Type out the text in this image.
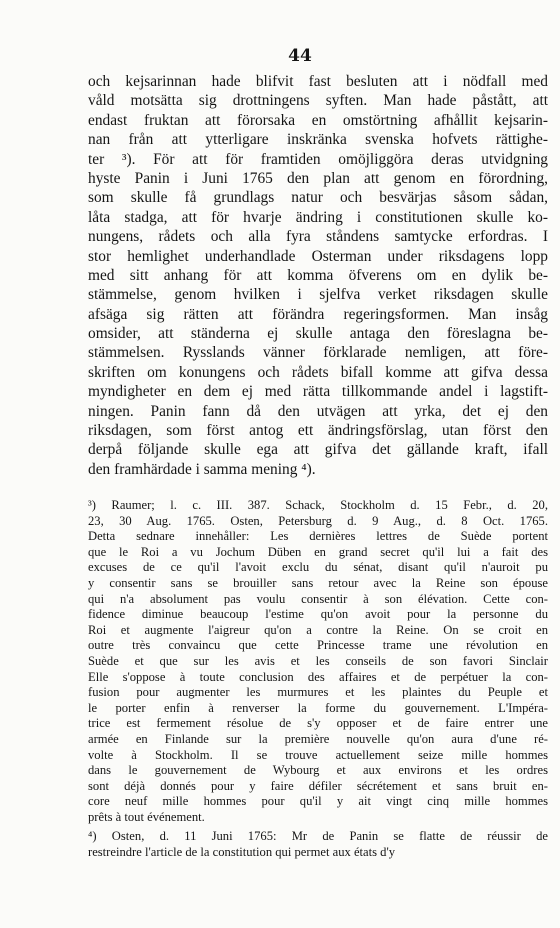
44
och kejsarinnan hade blifvit fast besluten att i nödfall med
våld motsätta sig drottningens syften. Man hade påstått, att
endast fruktan att förorsaka en omstörtning afhållit kejsarin-
nan från att ytterligare inskränka svenska hofvets rättighe-
ter ³). För att för framtiden omöjliggöra deras utvidgning
hyste Panin i Juni 1765 den plan att genom en förordning,
som skulle få grundlags natur och besvärjas såsom sådan,
låta stadga, att för hvarje ändring i constitutionen skulle ko-
nungens, rådets och alla fyra ståndens samtycke erfordras. I
stor hemlighet underhandlade Osterman under riksdagens lopp
med sitt anhang för att komma öfverens om en dylik be-
stämmelse, genom hvilken i sjelfva verket riksdagen skulle
afsäga sig rätten att förändra regeringsformen. Man insåg
omsider, att ständerna ej skulle antaga den föreslagna be-
stämmelsen. Rysslands vänner förklarade nemligen, att före-
skriften om konungens och rådets bifall komme att gifva dessa
myndigheter en dem ej med rätta tillkommande andel i lagstift-
ningen. Panin fann då den utvägen att yrka, det ej den
riksdagen, som först antog ett ändringsförslag, utan först den
derpå följande skulle ega att gifva det gällande kraft, ifall
den framhärdade i samma mening ⁴).
³) Raumer; l. c. III. 387. Schack, Stockholm d. 15 Febr., d. 20,
23, 30 Aug. 1765. Osten, Petersburg d. 9 Aug., d. 8 Oct. 1765.
Detta sednare innehåller: Les dernières lettres de Suède portent
que le Roi a vu Jochum Düben en grand secret qu'il lui a fait des
excuses de ce qu'il l'avoit exclu du sénat, disant qu'il n'auroit pu
y consentir sans se brouiller sans retour avec la Reine son épouse
qui n'a absolument pas voulu consentir à son élévation. Cette con-
fidence diminue beaucoup l'estime qu'on avoit pour la personne du
Roi et augmente l'aigreur qu'on a contre la Reine. On se croit en
outre très convaincu que cette Princesse trame une révolution en
Suède et que sur les avis et les conseils de son favori Sinclair
Elle s'oppose à toute conclusion des affaires et de perpétuer la con-
fusion pour augmenter les murmures et les plaintes du Peuple et
le porter enfin à renverser la forme du gouvernement. L'Impéra-
trice est fermement résolue de s'y opposer et de faire entrer une
armée en Finlande sur la première nouvelle qu'on aura d'une ré-
volte à Stockholm. Il se trouve actuellement seize mille hommes
dans le gouvernement de Wybourg et aux environs et les ordres
sont déjà donnés pour y faire défiler sécrétement et sans bruit en-
core neuf mille hommes pour qu'il y ait vingt cinq mille hommes
prêts à tout événement.
⁴) Osten, d. 11 Juni 1765: Mr de Panin se flatte de réussir de
restreindre l'article de la constitution qui permet aux états d'y
